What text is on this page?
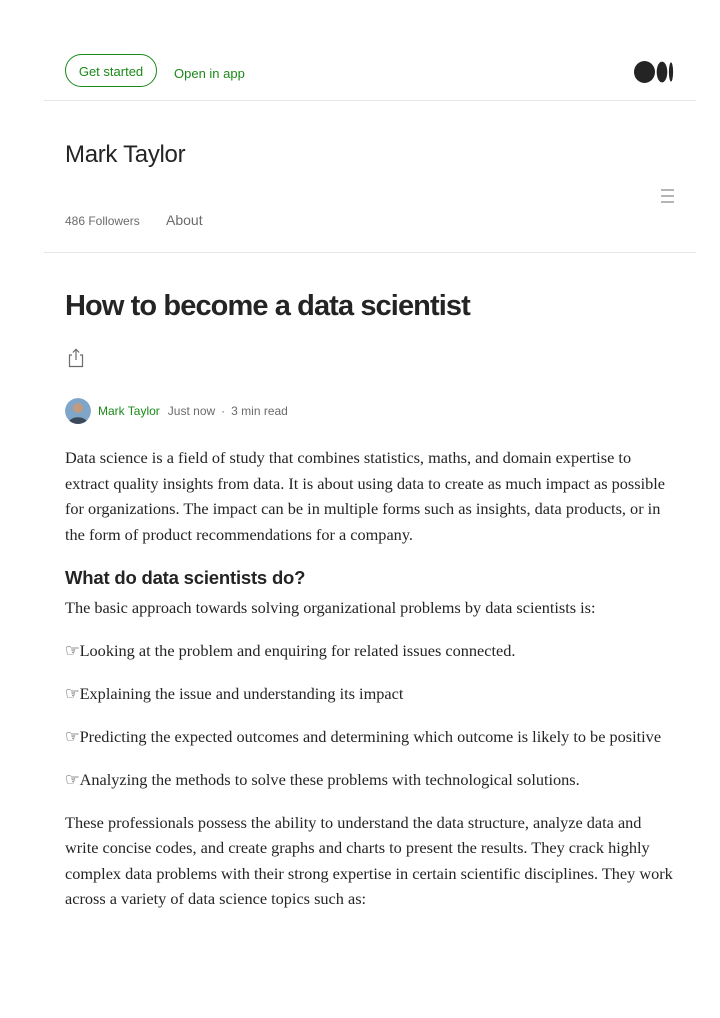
Get started	Open in app
Mark Taylor
486 Followers About
How to become a data scientist
Mark Taylor Just now · 3 min read

Data science is a field of study that combines statistics, maths, and domain expertise to extract quality insights from data. It is about using data to create as much impact as possible for organizations. The impact can be in multiple forms such as insights, data products, or in the form of product recommendations for a company.

What do data scientists do?

The basic approach towards solving organizational problems by data scientists is:

☞Looking at the problem and enquiring for related issues connected.

☞Explaining the issue and understanding its impact

☞Predicting the expected outcomes and determining which outcome is likely to be positive

☞Analyzing the methods to solve these problems with technological solutions.

These professionals possess the ability to understand the data structure, analyze data and write concise codes, and create graphs and charts to present the results. They crack highly complex data problems with their strong expertise in certain scientific disciplines. They work across a variety of data science topics such as:
